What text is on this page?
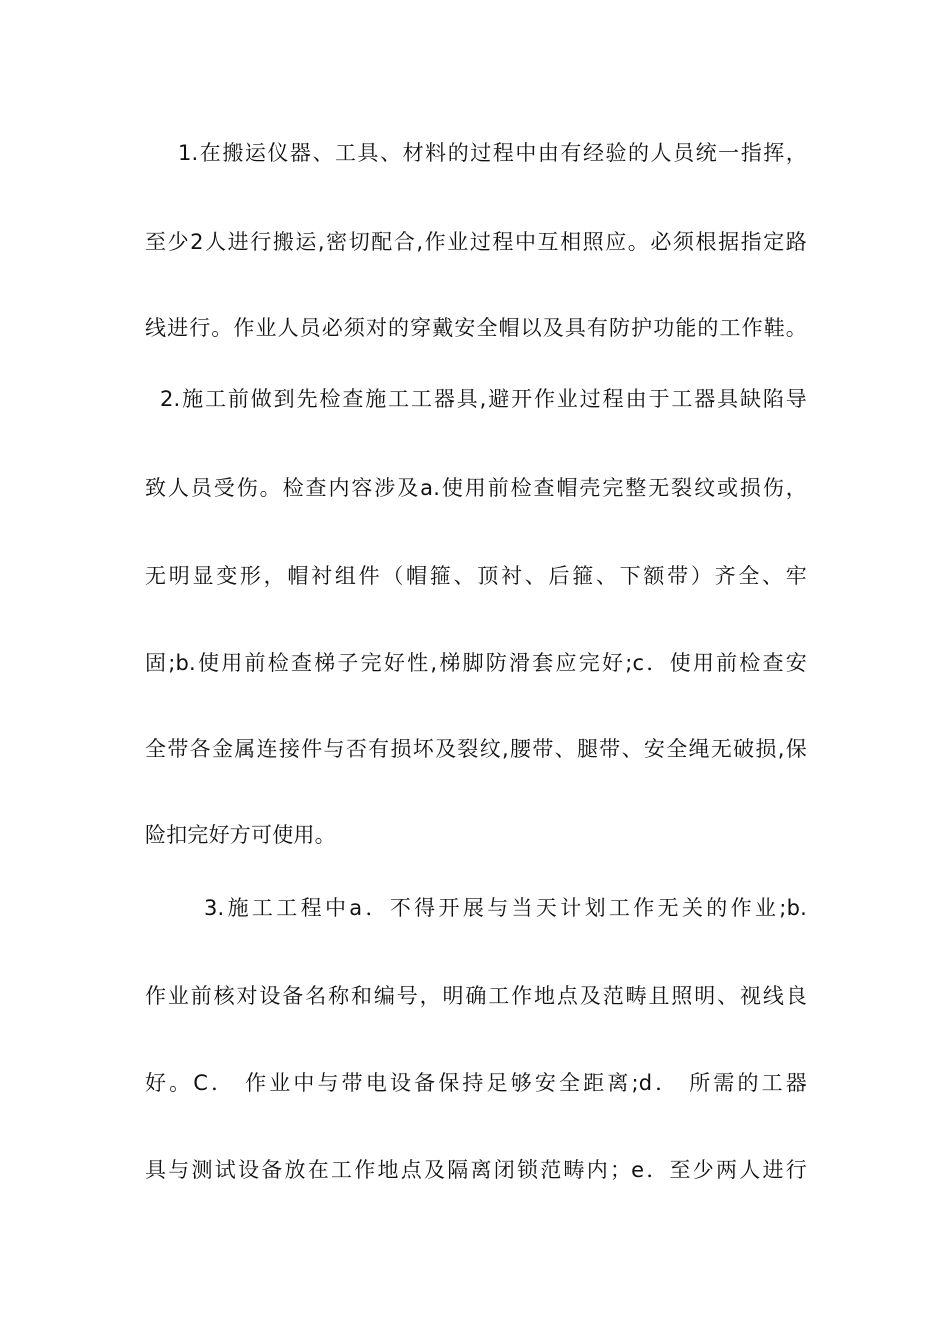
1.在搬运仪器、工具、材料的过程中由有经验的人员统一指挥，
至少2人进行搬运,密切配合,作业过程中互相照应。必须根据指定路
线进行。作业人员必须对的穿戴安全帽以及具有防护功能的工作鞋。
2.施工前做到先检查施工工器具,避开作业过程由于工器具缺陷导
致人员受伤。检查内容涉及a.使用前检查帽壳完整无裂纹或损伤，
无明显变形，帽衬组件（帽箍、顶衬、后箍、下额带）齐全、牢
固;b.使用前检查梯子完好性,梯脚防滑套应完好;c．使用前检查安
全带各金属连接件与否有损坏及裂纹,腰带、腿带、安全绳无破损,保
险扣完好方可使用。
3.施工工程中a．不得开展与当天计划工作无关的作业;b.
作业前核对设备名称和编号，明确工作地点及范畴且照明、视线良
好。C． 作业中与带电设备保持足够安全距离;d． 所需的工器
具与测试设备放在工作地点及隔离闭锁范畴内；e．至少两人进行
